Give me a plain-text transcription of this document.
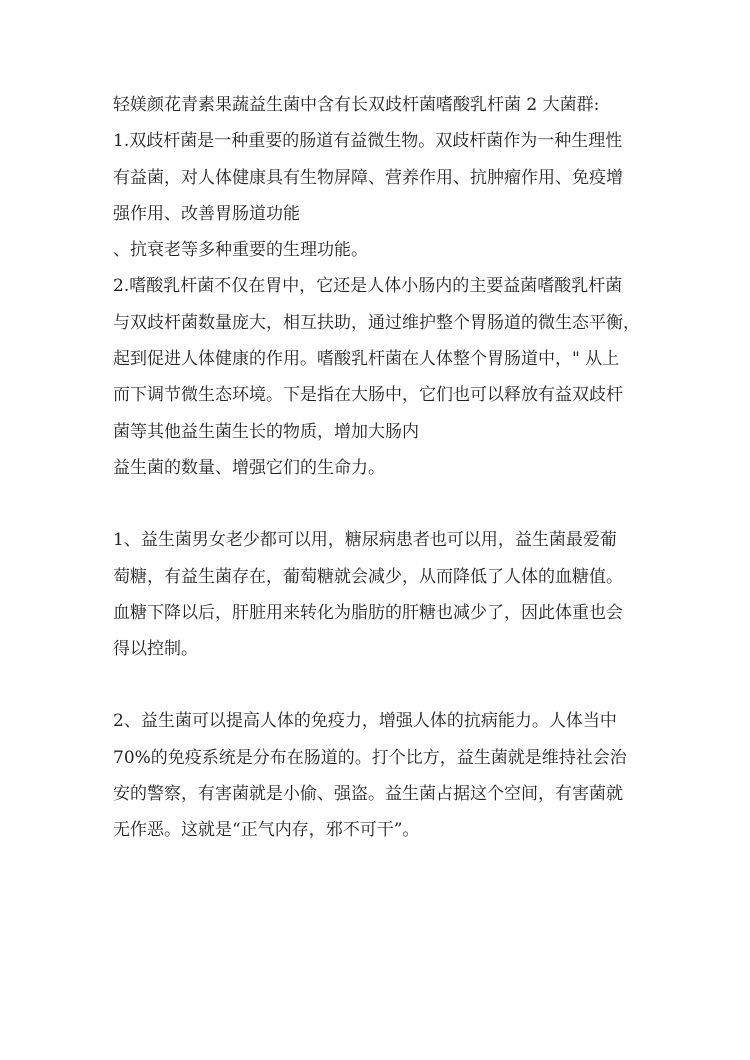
轻媄颜花青素果蔬益生菌中含有长双歧杆菌嗜酸乳杆菌 2 大菌群:
1.双歧杆菌是一种重要的肠道有益微生物。双歧杆菌作为一种生理性
有益菌，对人体健康具有生物屏障、营养作用、抗肿瘤作用、免疫增
强作用、改善胃肠道功能
、抗衰老等多种重要的生理功能。
2.嗜酸乳杆菌不仅在胃中，它还是人体小肠内的主要益菌嗜酸乳杆菌
与双歧杆菌数量庞大，相互扶助，通过维护整个胃肠道的微生态平衡，
起到促进人体健康的作用。嗜酸乳杆菌在人体整个胃肠道中，" 从上
而下调节微生态环境。下是指在大肠中，它们也可以释放有益双歧杆
菌等其他益生菌生长的物质，增加大肠内
益生菌的数量、增强它们的生命力。
1、益生菌男女老少都可以用，糖尿病患者也可以用，益生菌最爱葡
萄糖，有益生菌存在，葡萄糖就会减少，从而降低了人体的血糖值。
血糖下降以后，肝脏用来转化为脂肪的肝糖也减少了，因此体重也会
得以控制。
2、益生菌可以提高人体的免疫力，增强人体的抗病能力。人体当中
70%的免疫系统是分布在肠道的。打个比方，益生菌就是维持社会治
安的警察，有害菌就是小偷、强盗。益生菌占据这个空间，有害菌就
无作恶。这就是“正气内存，邪不可干”。
